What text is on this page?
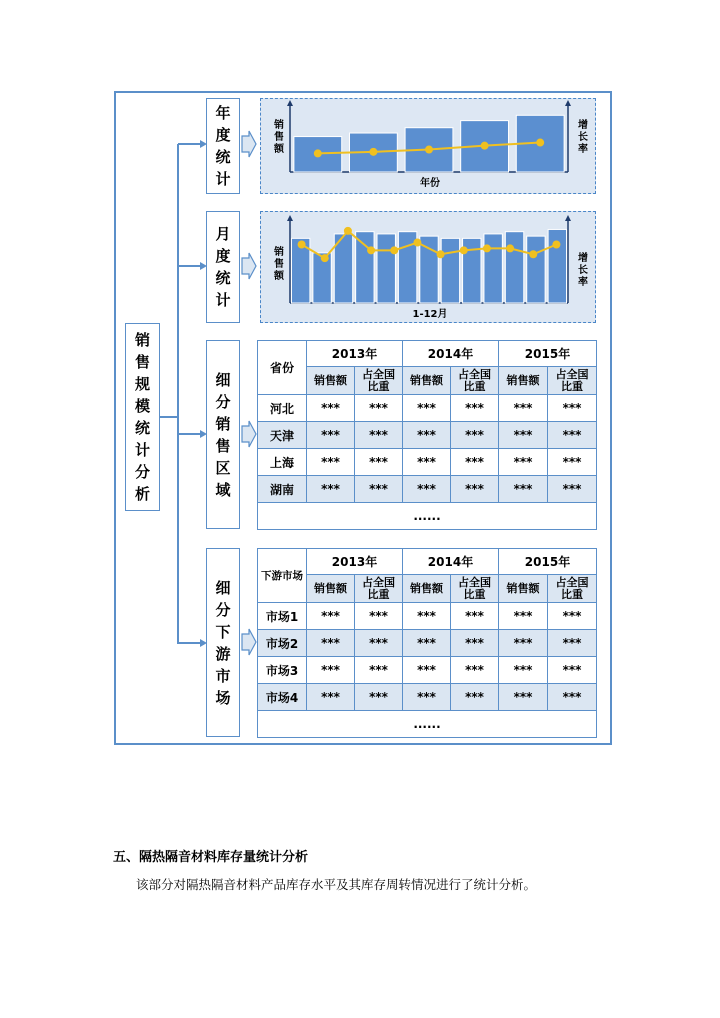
销
售
规
模
统
计
分
析
年
度
统
计
月
度
统
计
细
分
销
售
区
域
细
分
下
游
市
场
年份
销售额
增长率
1-12月
销售额
增长率
省份	2013年		2014年		2015年	
	销售额	占全国
比重	销售额	占全国
比重	销售额	占全国
比重
河北	***	***	***	***	***	***
天津	***	***	***	***	***	***
上海	***	***	***	***	***	***
湖南	***	***	***	***	***	***
......						
下游市场	2013年		2014年		2015年	
	销售额	占全国
比重	销售额	占全国
比重	销售额	占全国
比重
市场1	***	***	***	***	***	***
市场2	***	***	***	***	***	***
市场3	***	***	***	***	***	***
市场4	***	***	***	***	***	***
......						
五、隔热隔音材料库存量统计分析
该部分对隔热隔音材料产品库存水平及其库存周转情况进行了统计分析。
